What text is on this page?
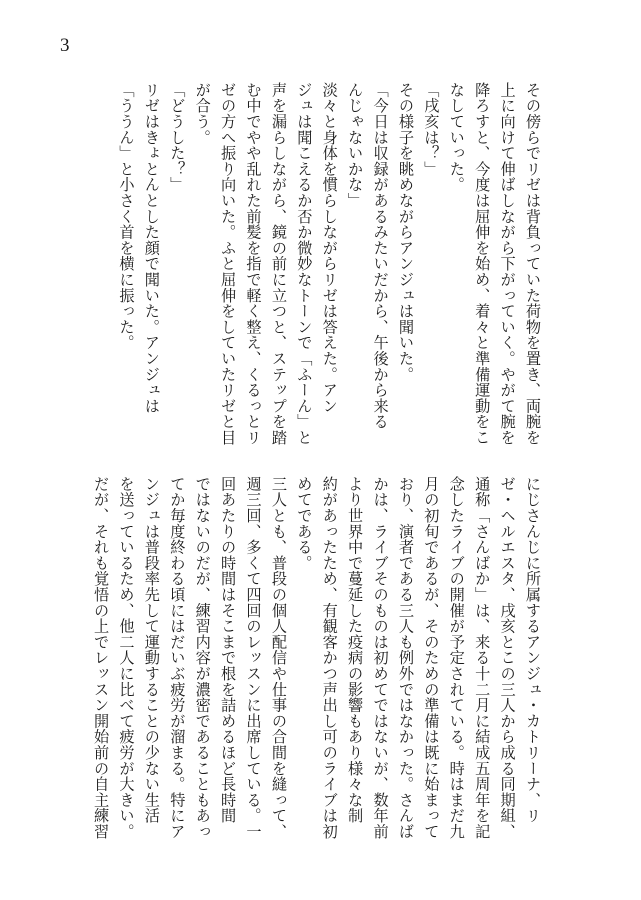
3
その傍らでリゼは背負っていた荷物を置き、両腕を
上に向けて伸ばしながら下がっていく。やがて腕を
降ろすと、今度は屈伸を始め、着々と準備運動をこ
なしていった。
「戌亥は？」
その様子を眺めながらアンジュは聞いた。
「今日は収録があるみたいだから、午後から来る
んじゃないかな」
淡々と身体を慣らしながらリゼは答えた。アン
ジュは聞こえるか否か微妙なトーンで「ふーん」と
声を漏らしながら、鏡の前に立つと、ステップを踏
む中でやや乱れた前髪を指で軽く整え、くるっとリ
ゼの方へ振り向いた。ふと屈伸をしていたリゼと目
が合う。
「どうした？」
リゼはきょとんとした顔で聞いた。アンジュは
「ううん」と小さく首を横に振った。
にじさんじに所属するアンジュ・カトリーナ、リ
ゼ・ヘルエスタ、戌亥とこの三人から成る同期組、
通称「さんばか」は、来る十二月に結成五周年を記
念したライブの開催が予定されている。時はまだ九
月の初旬であるが、そのための準備は既に始まって
おり、演者である三人も例外ではなかった。さんば
かは、ライブそのものは初めてではないが、数年前
より世界中で蔓延した疫病の影響もあり様々な制
約があったため、有観客かつ声出し可のライブは初
めてである。
三人とも、普段の個人配信や仕事の合間を縫って、
週三回、多くて四回のレッスンに出席している。一
回あたりの時間はそこまで根を詰めるほど長時間
ではないのだが、練習内容が濃密であることもあっ
てか毎度終わる頃にはだいぶ疲労が溜まる。特にア
ンジュは普段率先して運動することの少ない生活
を送っているため、他二人に比べて疲労が大きい。
だが、それも覚悟の上でレッスン開始前の自主練習
